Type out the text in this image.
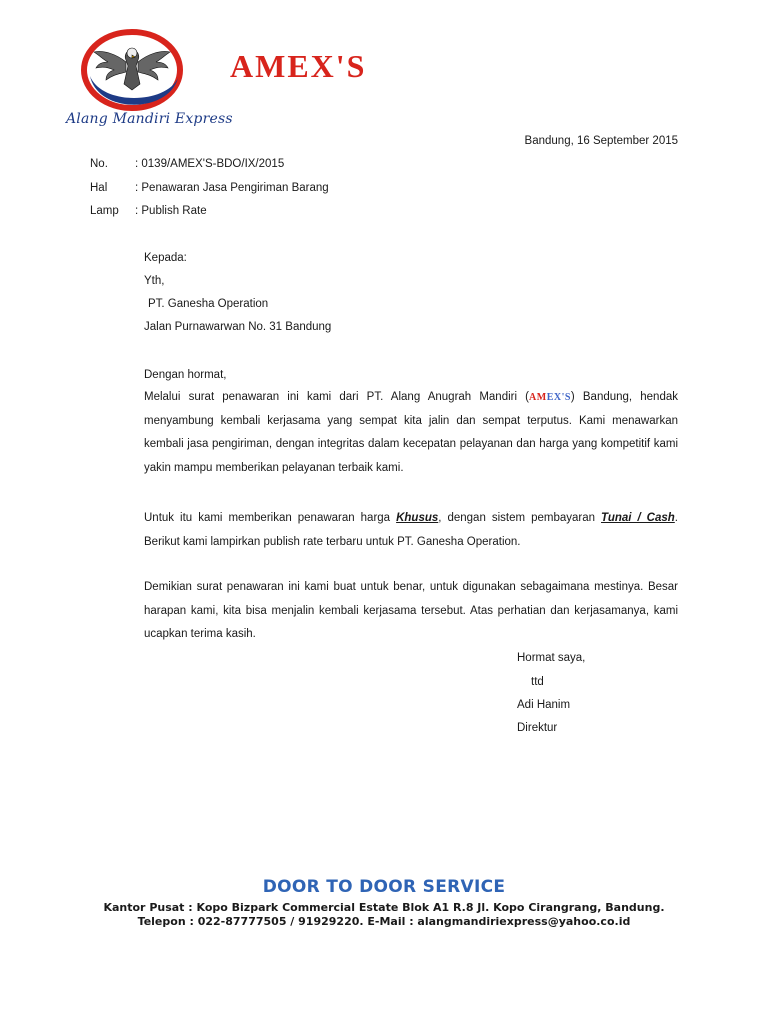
Alang Mandiri Express
AMEX'S
Bandung, 16 September 2015
No. : 0139/AMEX'S-BDO/IX/2015
Hal : Penawaran Jasa Pengiriman Barang
Lamp : Publish Rate
Kepada:
Yth,
PT. Ganesha Operation
Jalan Purnawarwan No. 31 Bandung
Dengan hormat,
Melalui surat penawaran ini kami dari PT. Alang Anugrah Mandiri (AMEX'S) Bandung, hendak menyambung kembali kerjasama yang sempat kita jalin dan sempat terputus. Kami menawarkan kembali jasa pengiriman, dengan integritas dalam kecepatan pelayanan dan harga yang kompetitif kami yakin mampu memberikan pelayanan terbaik kami.
Untuk itu kami memberikan penawaran harga Khusus, dengan sistem pembayaran Tunai / Cash. Berikut kami lampirkan publish rate terbaru untuk PT. Ganesha Operation.
Demikian surat penawaran ini kami buat untuk benar, untuk digunakan sebagaimana mestinya. Besar harapan kami, kita bisa menjalin kembali kerjasama tersebut. Atas perhatian dan kerjasamanya, kami ucapkan terima kasih.
Hormat saya,
ttd
Adi Hanim
Direktur
DOOR TO DOOR SERVICE
Kantor Pusat : Kopo Bizpark Commercial Estate Blok A1 R.8 Jl. Kopo Cirangrang, Bandung.
Telepon : 022-87777505 / 91929220. E-Mail : alangmandiriexpress@yahoo.co.id
